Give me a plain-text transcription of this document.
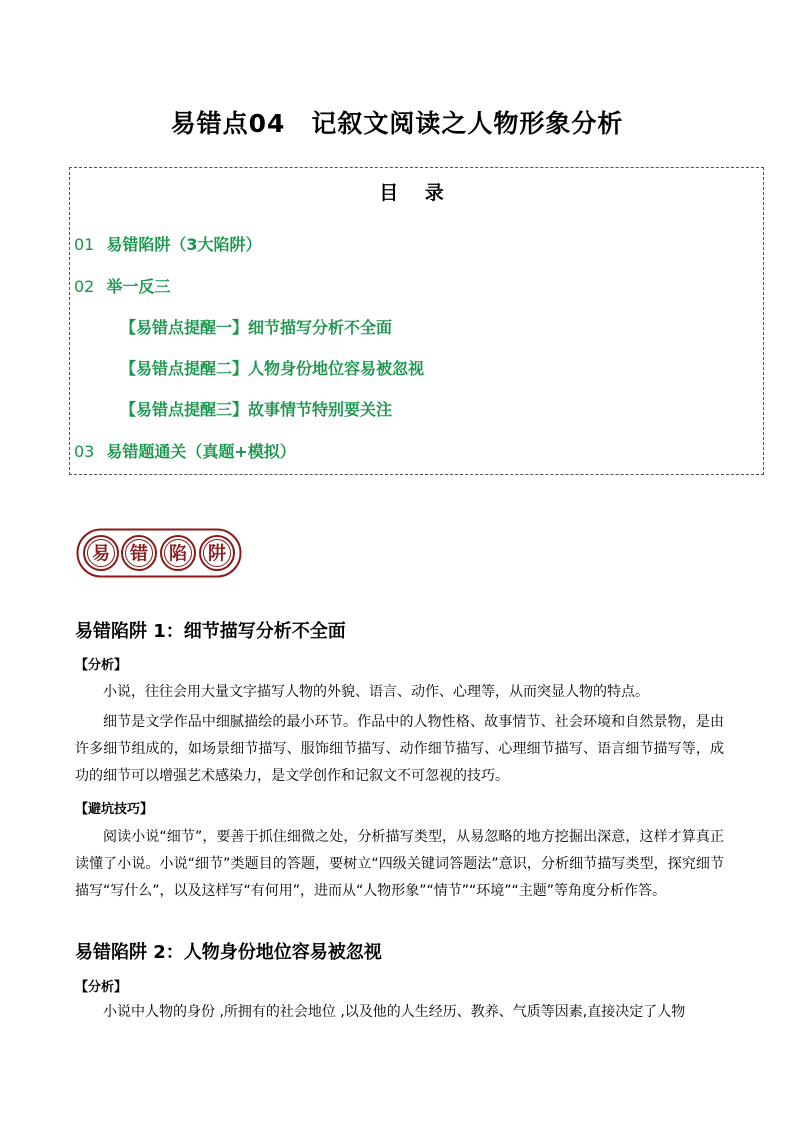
易错点04　记叙文阅读之人物形象分析
目 录
01 易错陷阱（3大陷阱）
02 举一反三
【易错点提醒一】细节描写分析不全面
【易错点提醒二】人物身份地位容易被忽视
【易错点提醒三】故事情节特别要关注
03 易错题通关（真题+模拟）
易 错 陷 阱
易错陷阱 1：细节描写分析不全面
【分析】
小说，往往会用大量文字描写人物的外貌、语言、动作、心理等，从而突显人物的特点。
细节是文学作品中细腻描绘的最小环节。作品中的人物性格、故事情节、社会环境和自然景物，是由许多细节组成的，如场景细节描写、服饰细节描写、动作细节描写、心理细节描写、语言细节描写等，成功的细节可以增强艺术感染力，是文学创作和记叙文不可忽视的技巧。
【避坑技巧】
阅读小说“细节”，要善于抓住细微之处，分析描写类型，从易忽略的地方挖掘出深意，这样才算真正读懂了小说。小说“细节”类题目的答题，要树立“四级关键词答题法”意识，分析细节描写类型，探究细节描写“写什么”，以及这样写“有何用”，进而从“人物形象”“情节”“环境”“主题”等角度分析作答。
易错陷阱 2：人物身份地位容易被忽视
【分析】
小说中人物的身份 ,所拥有的社会地位 ,以及他的人生经历、教养、气质等因素,直接决定了人物
